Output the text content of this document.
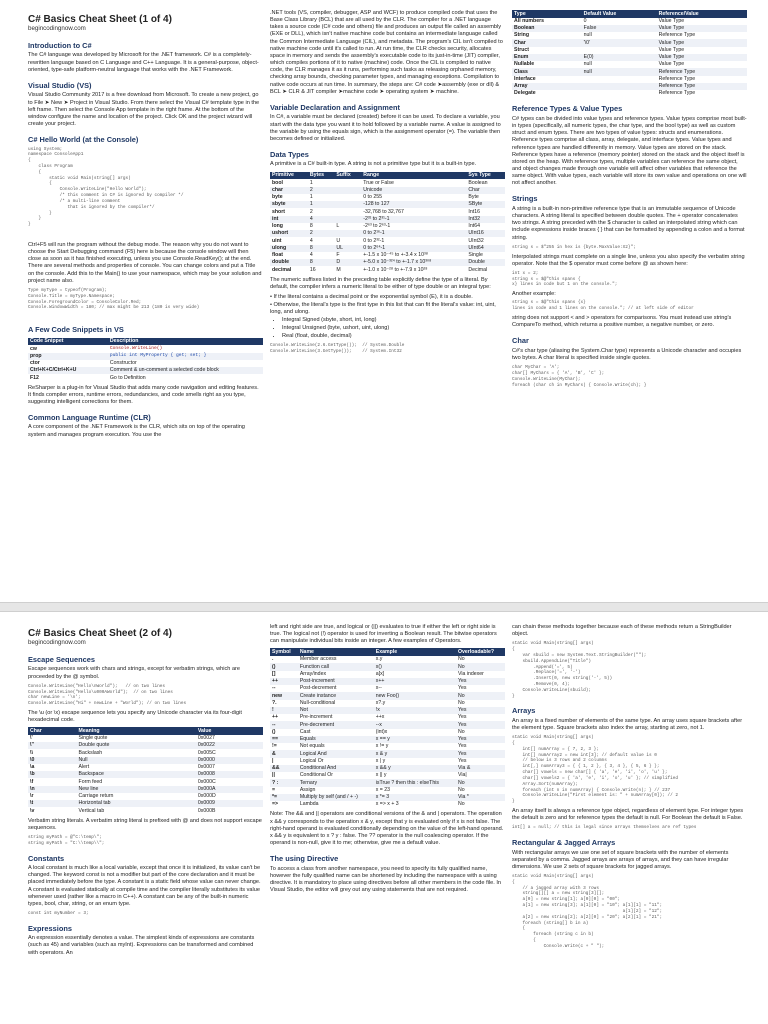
C# Basics Cheat Sheet (1 of 4)
begincodingnow.com
Introduction to C#

The C# language was developed by Microsoft for the .NET framework. C# is a completely-rewritten language based on C Language and C++ Language. It is a general-purpose, object-oriented, type-safe platform-neutral language that works with the .NET Framework.

Visual Studio (VS)

Visual Studio Community 2017 is a free download from Microsoft. To create a new project, go to File ➤ New ➤ Project in Visual Studio. From there select the Visual C# template type in the left frame. Then select the Console App template in the right frame. At the bottom of the window configure the name and location of the project. Click OK and the project wizard will create your project.

C# Hello World (at the Console)
using System;
namespace ConsoleApp1
{
class Program
{
static void Main(string[] args)
{
Console.WriteLine("Hello World");
/* this comment in C# is ignored by compiler */
/* a multi-line comment
that is ignored by the compiler*/
}
}
}

Ctrl+F5 will run the program without the debug mode. The reason why you do not want to choose the Start Debugging command (F5) here is because the console window will then close as soon as it has finished executing, unless you use Console.ReadKey(); at the end. There are several methods and properties of console. You can change colors and put a Title on the console. Add this to the Main() to use your namespace, which may be your solution and project name also.

Type myType = typeof(Program);
Console.Title = myType.Namespace;
Console.ForegroundColor = ConsoleColor.Red;
Console.WindowWidth = 180; // max might be 213 (180 is very wide)
A Few Code Snippets in VS
Code Snippet	Description
cw	Console.WriteLine()
prop	public int MyProperty { get; set; }
ctor	Constructor
Ctrl+K+C/Ctrl+K+U	Comment & un-comment a selected code block
F12	Go to Definition

ReSharper is a plug-in for Visual Studio that adds many code navigation and editing features. It finds compiler errors, runtime errors, redundancies, and code smells right as you type, suggesting intelligent corrections for them.

Common Language Runtime (CLR)

A core component of the .NET Framework is the CLR, which sits on top of the operating system and manages program execution. You use the

.NET tools (VS, compiler, debugger, ASP and WCF) to produce compiled code that uses the Base Class Library (BCL) that are all used by the CLR. The compiler for a .NET language takes a source code (C# code and others) file and produces an output file called an assembly (EXE or DLL), which isn't native machine code but contains an intermediate language called the Common Intermediate Language (CIL), and metadata. The program's CIL isn't compiled to native machine code until it's called to run. At run time, the CLR checks security, allocates space in memory and sends the assembly's executable code to its just-in-time (JIT) compiler, which compiles portions of it to native (machine) code. Once the CIL is compiled to native code, the CLR manages it as it runs, performing such tasks as releasing orphaned memory, checking array bounds, checking parameter types, and managing exceptions. Compilation to native code occurs at run time. In summary, the steps are: C# code ➤assembly (exe or dll) & BCL ➤ CLR & JIT compiler ➤machine code ➤ operating system ➤ machine.

Variable Declaration and Assignment

In C#, a variable must be declared (created) before it can be used. To declare a variable, you start with the data type you want it to hold followed by a variable name. A value is assigned to the variable by using the equals sign, which is the assignment operator (=). The variable then becomes defined or initialized.

Data Types

A primitive is a C# built-in type. A string is not a primitive type but it is a built-in type.

Primitive	Bytes	Suffix	Range	Sys Type
bool	1		True or False	Boolean
char	2		Unicode	Char
byte	1		0 to 255	Byte
sbyte	1		-128 to 127	SByte
short	2		-32,768 to 32,767	Int16
int	4		-2³¹ to 2³¹-1	Int32
long	8	L	-2⁶³ to 2⁶³-1	Int64
ushort	2		0 to 2¹⁶-1	UInt16
uint	4	U	0 to 2³²-1	UInt32
ulong	8	UL	0 to 2⁶⁴-1	UInt64
float	4	F	+-1.5 x 10⁻⁴⁵ to +-3.4 x 10³⁸	Single
double	8	D	+-5.0 x 10⁻³²⁴ to +-1.7 x 10³⁰⁸	Double
decimal	16	M	+-1.0 x 10⁻²⁸ to +-7.9 x 10²⁸	Decimal

The numeric suffixes listed in the preceding table explicitly define the type of a literal. By default, the compiler infers a numeric literal to be either of type double or an integral type:

• If the literal contains a decimal point or the exponential symbol (E), it is a double.

• Otherwise, the literal's type is the first type in this list that can fit the literal's value: int, uint, long, and ulong.

• Integral Signed (sbyte, short, int, long)
• Integral Unsigned (byte, ushort, uint, ulong)
• Real (float, double, decimal)
Console.WriteLine(2.6.GetType());  // System.Double
Console.WriteLine(3.GetType());    // System.Int32
Type	Default Value	Reference/Value
All numbers	0	Value Type
Boolean	False	Value Type
String	null	Reference Type
Char	'\0'	Value Type
Struct		Value Type
Enum	E(0)	Value Type
Nullable	null	Value Type
Class	null	Reference Type
Interface		Reference Type
Array		Reference Type
Delegate		Reference Type
Reference Types & Value Types

C# types can be divided into value types and reference types. Value types comprise most built-in types (specifically, all numeric types, the char type, and the bool type) as well as custom struct and enum types. There are two types of value types: structs and enumerations. Reference types comprise all class, array, delegate, and interface types. Value types and reference types are handled differently in memory. Value types are stored on the stack. Reference types have a reference (memory pointer) stored on the stack and the object itself is stored on the heap. With reference types, multiple variables can reference the same object, and object changes made through one variable will affect other variables that reference the same object. With value types, each variable will store its own value and operations on one will not affect another.

Strings

A string is a built-in non-primitive reference type that is an immutable sequence of Unicode characters. A string literal is specified between double quotes. The + operator concatenates two strings. A string preceded with the $ character is called an interpolated string which can include expressions inside braces { } that can be formatted by appending a colon and a format string.

string s = $"255 in hex is {byte.MaxValue:X2}";

Interpolated strings must complete on a single line, unless you also specify the verbatim string operator. Note that the $ operator must come before @ as shown here:

int x = 2;
string s = $@"this spans {
x} lines in code but 1 on the console.";

Another example:

string s = $@"this spans {x}
lines in code and 1 lines on the console."; // at left side of editor

string does not support < and > operators for comparisons. You must instead use string's CompareTo method, which returns a positive number, a negative number, or zero.

Char

C#'s char type (aliasing the System.Char type) represents a Unicode character and occupies two bytes. A char literal is specified inside single quotes.

char MyChar = 'A';
char[] MyChars = { 'A', 'B', 'C' };
Console.WriteLine(MyChar);
foreach (char ch in MyChars) { Console.Write(ch); }
C# Basics Cheat Sheet (2 of 4)
begincodingnow.com
Escape Sequences

Escape sequences work with chars and strings, except for verbatim strings, which are proceeded by the @ symbol.

Console.WriteLine("Hello\nWorld");   // on two lines
Console.WriteLine("Hello\u000AWorld");  // on two lines
char newLine = '\n';
Console.WriteLine("Hi" + newLine + "World"); // on two lines

The \u (or \x) escape sequence lets you specify any Unicode character via its four-digit hexadecimal code.

Char	Meaning	Value
\'	Single quote	0x0027
\"	Double quote	0x0022
\\	Backslash	0x005C
\0	Null	0x0000
\a	Alert	0x0007
\b	Backspace	0x0008
\f	Form feed	0x000C
\n	New line	0x000A
\r	Carriage return	0x000D
\t	Horizontal tab	0x0009
\v	Vertical tab	0x000B

Verbatim string literals. A verbatim string literal is prefixed with @ and does not support escape sequences.

string myPath = @"C:\temp\";
string myPath = "C:\\temp\\";
Constants

A local constant is much like a local variable, except that once it is initialized, its value can't be changed. The keyword const is not a modifier but part of the core declaration and it must be placed immediately before the type. A constant is a static field whose value can never change. A constant is evaluated statically at compile time and the compiler literally substitutes its value whenever used (rather like a macro in C++). A constant can be any of the built-in numeric types, bool, char, string, or an enum type.

const int myNumber = 3;
Expressions

An expression essentially denotes a value. The simplest kinds of expressions are constants (such as 45) and variables (such as myInt). Expressions can be transformed and combined with operators. An

left and right side are true, and logical or (||) evaluates to true if either the left or right side is true. The logical not (!) operator is used for inverting a Boolean result. The bitwise operators can manipulate individual bits inside an integer. A few examples of Operators.

Symbol	Name	Example	Overloadable?
.	Member access	x.y	No
()	Function call	x()	No
[]	Array/index	a[x]	Via indexer
++	Post-increment	x++	Yes
--	Post-decrement	x--	Yes
new	Create instance	new Foo()	No
?.	Null-conditional	x?.y	No
!	Not	!x	Yes
++	Pre-increment	++x	Yes
--	Pre-decrement	--x	Yes
()	Cast	(int)x	No
==	Equals	x == y	Yes
!=	Not equals	x != y	Yes
&	Logical And	x & y	Yes
|	Logical Or	x | y	Yes
&&	Conditional And	x && y	Via &
||	Conditional Or	x || y	Via|
? :	Ternary	isTrue ? then this : elseThis	No
=	Assign	x = 23	No
*=	Multiply by self (and / + -)	x *= 3	Via *
=>	Lambda	x => x + 3	No

Note: The && and || operators are conditional versions of the & and | operators. The operation x && y corresponds to the operation x & y, except that y is evaluated only if x is not false. The right-hand operand is evaluated conditionally depending on the value of the left-hand operand. x && y is equivalent to x ? y : false. The ?? operator is the null coalescing operator. If the operand is non-null, give it to me; otherwise, give me a default value.

The using Directive

To access a class from another namespace, you need to specify its fully qualified name, however the fully qualified name can be shortened by including the namespace with a using directive. It is mandatory to place using directives before all other members in the code file. In Visual Studio, the editor will grey out any using statements that are not required.

can chain these methods together because each of these methods return a StringBuilder object.

static void Main(string[] args)
{
var sbuild = new System.Text.StringBuilder("");
sbuild.AppendLine("Title")
.Append('=', 5)
.Replace('=', '-')
.Insert(0, new string('-', 5))
.Remove(0, 4);
Console.WriteLine(sbuild);
}
Arrays

An array is a fixed number of elements of the same type. An array uses square brackets after the element type. Square brackets also index the array, starting at zero, not 1.

static void Main(string[] args)
{
int[] numArray = { 7, 2, 3 };
int[] numArray2 = new int[3]; // default value is 0
// below is 3 rows and 2 columns
int[,] numArray3 = { { 1, 2 }, { 3, 4 }, { 5, 6 } };
char[] vowels = new char[] { 'a', 'e', 'i', 'o', 'u' };
char[] vowels2 = { 'a', 'e', 'i', 'o', 'u' }; // simplified
Array.Sort(numArray);
foreach (int n in numArray) { Console.Write(n); } // 237
Console.WriteLine("First element is: " + numArray[0]); // 2
}

An array itself is always a reference type object, regardless of element type. For integer types the default is zero and for reference types the default is null. For Boolean the default is False.

int[] a = null; // this is legal since arrays themselves are ref types
Rectangular & Jagged Arrays

With rectangular arrays we use one set of square brackets with the number of elements separated by a comma. Jagged arrays are arrays of arrays, and they can have irregular dimensions. We use 2 sets of square brackets for jagged arrays.

static void Main(string[] args)
{
// a jagged array with 3 rows
string[][] a = new string[3][];
a[0] = new string[1]; a[0][0] = "00";
a[1] = new string[3]; a[1][0] = "10"; a[1][1] = "11";
a[1][2] = "12";
a[2] = new string[2]; a[2][0] = "20"; a[2][1] = "21";
foreach (string[] b in a)
{
foreach (string c in b)
{
Console.Write(c + " ");
